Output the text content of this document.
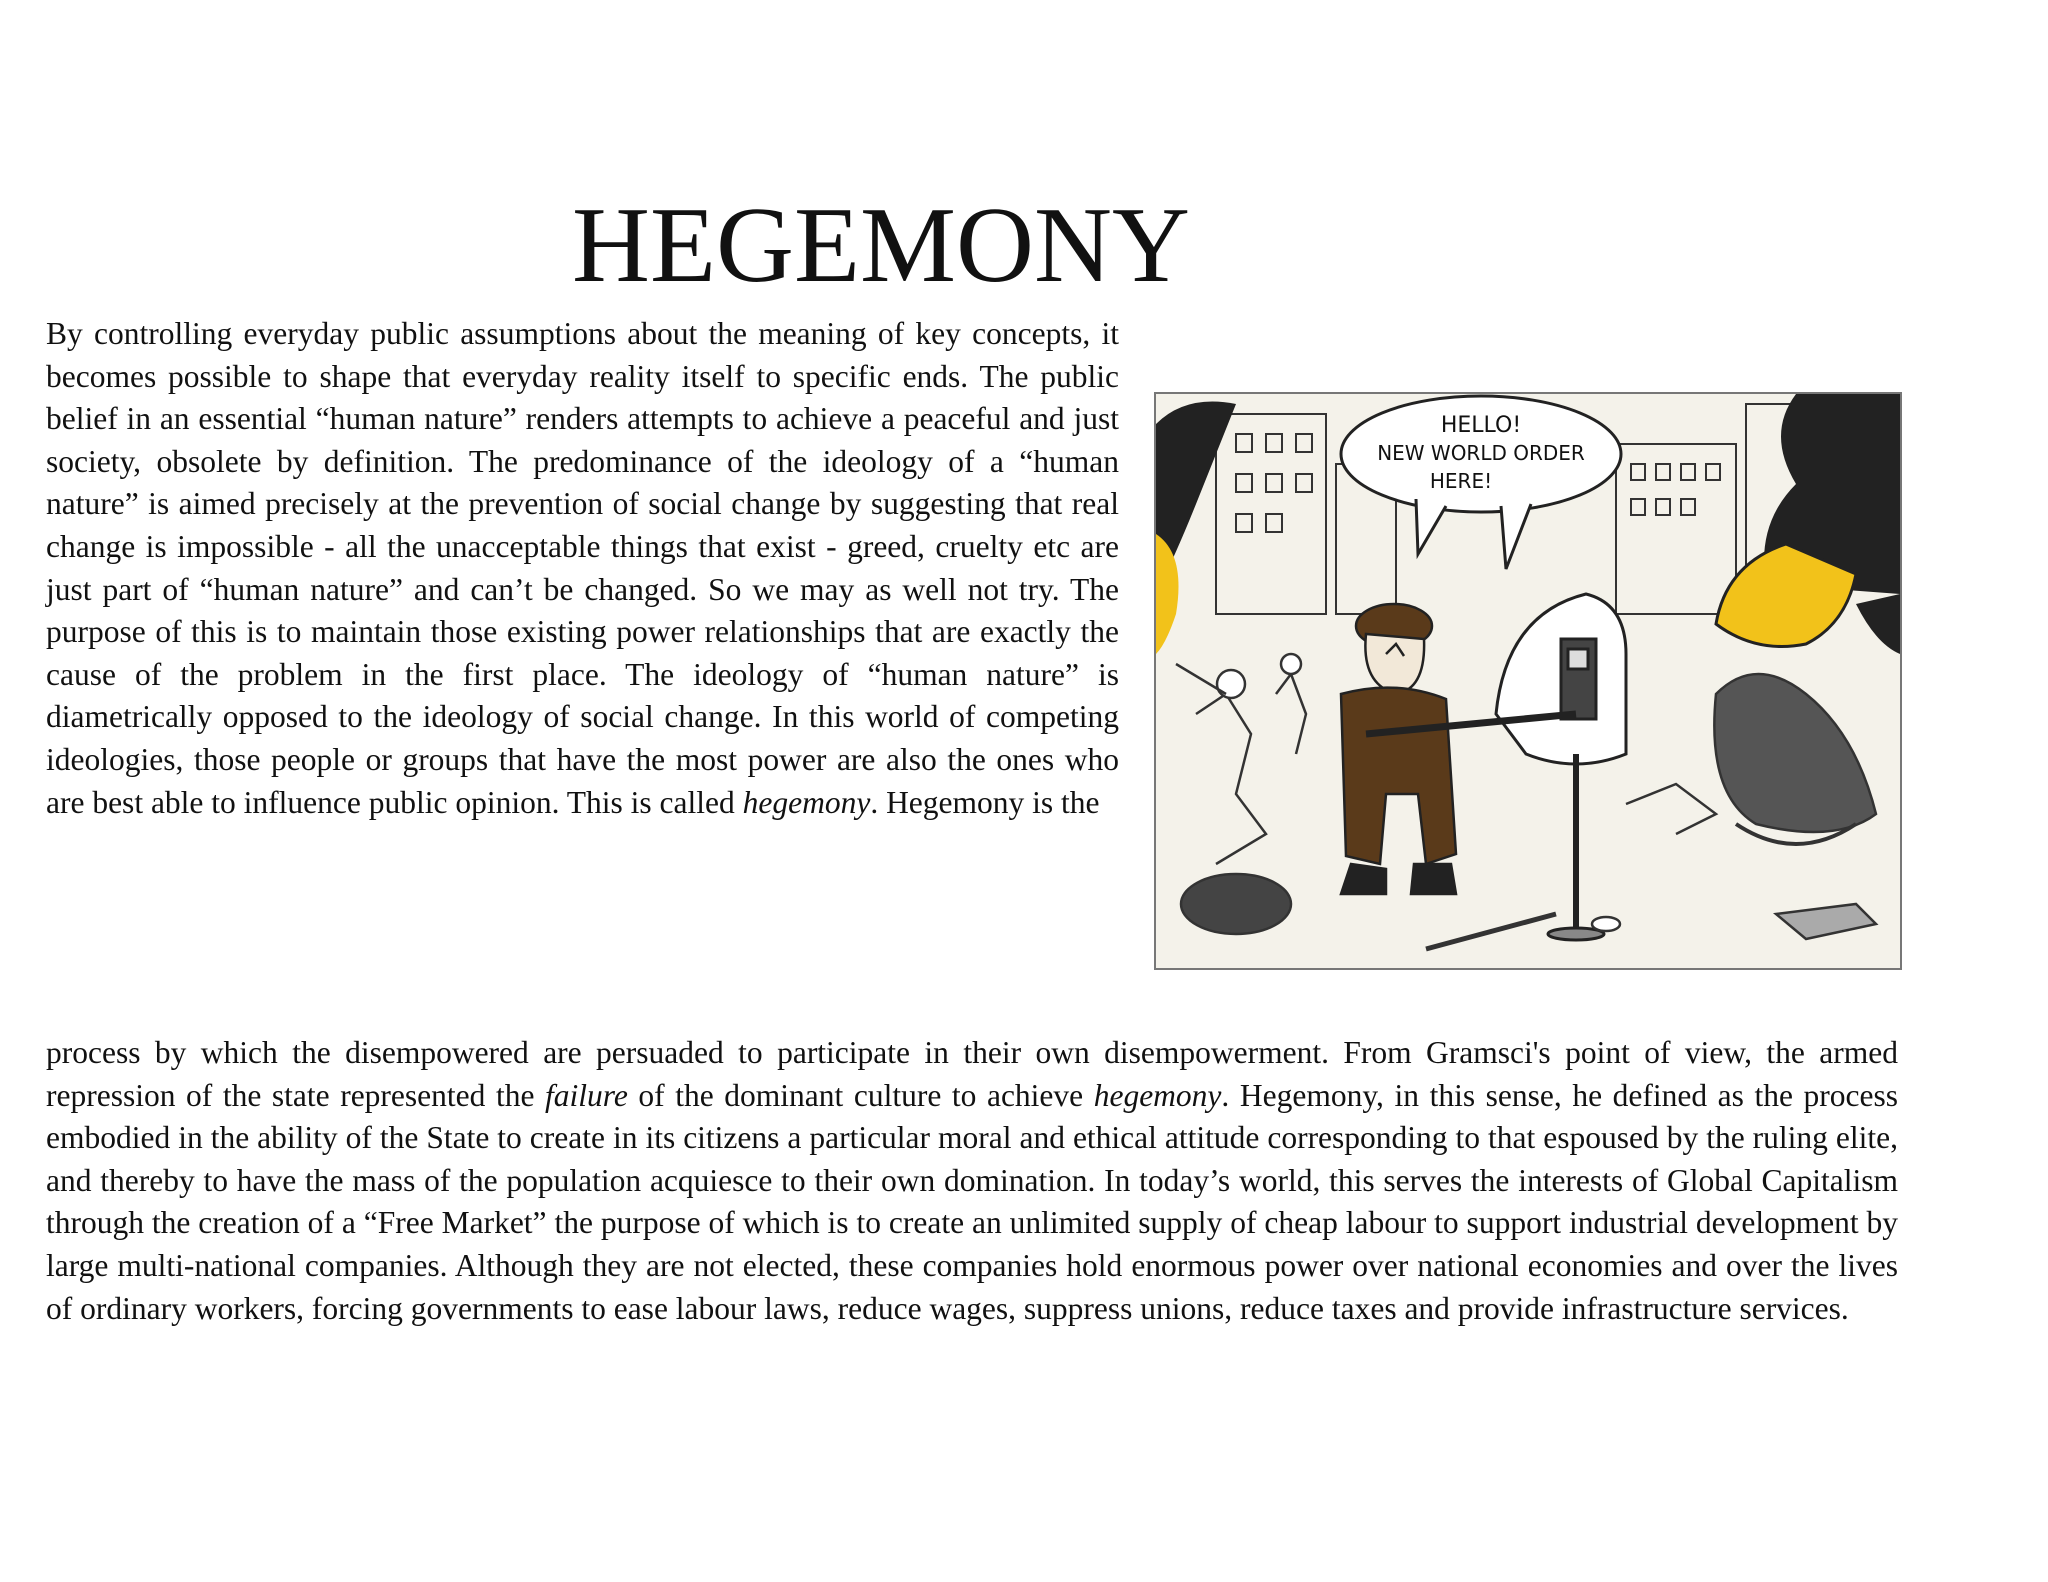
HEGEMONY

By controlling everyday public assumptions about the meaning of key concepts, it becomes possible to shape that everyday reality itself to specific ends. The public belief in an essential “human nature” renders attempts to achieve a peaceful and just society, obsolete by definition. The predominance of the ideology of a “human nature” is aimed precisely at the prevention of social change by suggesting that real change is impossible - all the unacceptable things that exist - greed, cruelty etc are just part of “human nature” and can’t be changed. So we may as well not try. The purpose of this is to maintain those existing power relationships that are exactly the cause of the problem in the first place. The ideology of “human nature” is diametrically opposed to the ideology of social change. In this world of competing ideologies, those people or groups that have the most power are also the ones who are best able to influence public opinion. This is called hegemony. Hegemony is the

HELLO!
NEW WORLD ORDER
HERE!

process by which the disempowered are persuaded to participate in their own disempowerment. From Gramsci's point of view, the armed repression of the state represented the failure of the dominant culture to achieve hegemony. Hegemony, in this sense, he defined as the process embodied in the ability of the State to create in its citizens a particular moral and ethical attitude corresponding to that espoused by the ruling elite, and thereby to have the mass of the population acquiesce to their own domination. In today’s world, this serves the interests of Global Capitalism through the creation of a “Free Market” the purpose of which is to create an unlimited supply of cheap labour to support industrial development by large multi-national companies. Although they are not elected, these companies hold enormous power over national economies and over the lives of ordinary workers, forcing governments to ease labour laws, reduce wages, suppress unions, reduce taxes and provide infrastructure services.
